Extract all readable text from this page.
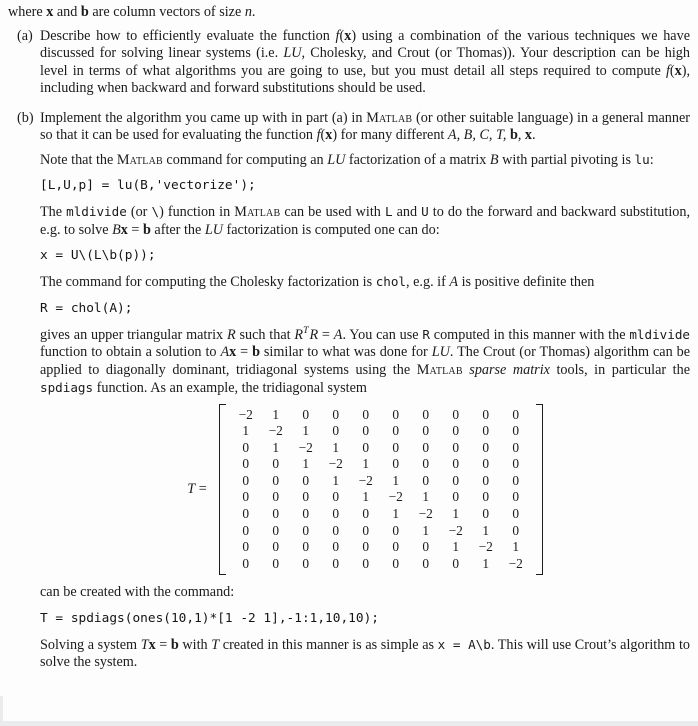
where x and b are column vectors of size n.

(a) Describe how to efficiently evaluate the function f(x) using a combination of the various techniques we have discussed for solving linear systems (i.e. LU, Cholesky, and Crout (or Thomas)). Your description can be high level in terms of what algorithms you are going to use, but you must detail all steps required to compute f(x), including when backward and forward substitutions should be used.

(b) Implement the algorithm you came up with in part (a) in Matlab (or other suitable language) in a general manner so that it can be used for evaluating the function f(x) for many different A, B, C, T, b, x.

Note that the Matlab command for computing an LU factorization of a matrix B with partial pivoting is lu:

[L,U,p] = lu(B,'vectorize');

The mldivide (or \) function in Matlab can be used with L and U to do the forward and backward substitution, e.g. to solve Bx = b after the LU factorization is computed one can do:

x = U\(L\b(p));

The command for computing the Cholesky factorization is chol, e.g. if A is positive definite then

R = chol(A);

gives an upper triangular matrix R such that $R^TR = A$. You can use R computed in this manner with the mldivide function to obtain a solution to Ax = b similar to what was done for LU. The Crout (or Thomas) algorithm can be applied to diagonally dominant, tridiagonal systems using the Matlab sparse matrix tools, in particular the spdiags function. As an example, the tridiagonal system

T =
−2	1	0	0	0	0	0	0	0	0
1	−2	1	0	0	0	0	0	0	0
0	1	−2	1	0	0	0	0	0	0
0	0	1	−2	1	0	0	0	0	0
0	0	0	1	−2	1	0	0	0	0
0	0	0	0	1	−2	1	0	0	0
0	0	0	0	0	1	−2	1	0	0
0	0	0	0	0	0	1	−2	1	0
0	0	0	0	0	0	0	1	−2	1
0	0	0	0	0	0	0	0	1	−2

can be created with the command:

T = spdiags(ones(10,1)*[1 -2 1],-1:1,10,10);

Solving a system Tx = b with T created in this manner is as simple as x = A\b. This will use Crout’s algorithm to solve the system.
